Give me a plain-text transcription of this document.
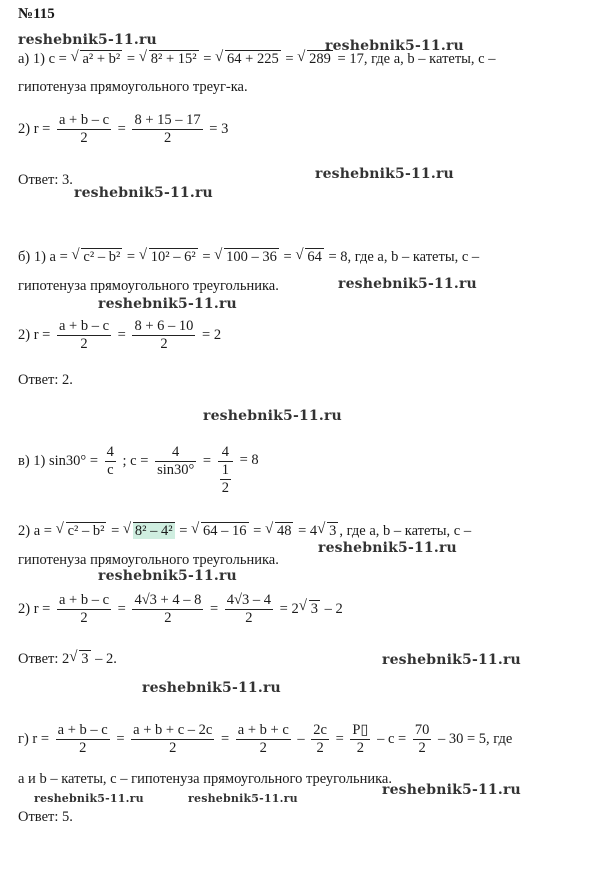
№115
reshebnik5-11.ru	reshebnik5-11.ru
reshebnik5-11.ru
reshebnik5-11.ru
reshebnik5-11.ru
reshebnik5-11.ru
reshebnik5-11.ru
reshebnik5-11.ru
reshebnik5-11.ru
reshebnik5-11.ru
reshebnik5-11.ru
reshebnik5-11.ru
reshebnik5-11.ru	reshebnik5-11.ru
а) 1) c = √ a² + b² = √ 8² + 15² = √ 64 + 225 = √ 289 = 17, где a, b – катеты, c –
гипотенуза прямоугольного треуг-ка.
2) $r = \frac{a + b - c}{2} = \frac{8 + 15 - 17}{2} = 3$
Ответ: 3.
б) 1) a = √ c² – b² = √ 10² – 6² = √ 100 – 36 = √ 64 = 8, где a, b – катеты, c –
гипотенуза прямоугольного треугольника.
2) $r = \frac{a + b - c}{2} = \frac{8 + 6 - 10}{2} = 2$
Ответ: 2.
в) 1) $\sin 30^\circ = \frac{4}{c}$ ; $c = \frac{4}{\sin 30^\circ} = \frac{4}{\frac{1}{2}} = 8$
2) a = √ c² – b² = √ 8² – 4² = √ 64 – 16 = √ 48 = 4√ 3 , где a, b – катеты, c –
гипотенуза прямоугольного треугольника.
2) $r = \frac{a + b - c}{2} = \frac{4√3 + 4 - 8}{2} = \frac{4√3 - 4}{2} = 2√$ 3 – 2
Ответ: 2√ 3 – 2.
г) $r = \frac{a + b - c}{2} = \frac{a + b + c - 2c}{2} = \frac{a + b + c}{2} - \frac{2c}{2} = \frac{P▯}{2} - c = \frac{70}{2} - 30 = 5$, где
a и b – катеты, c – гипотенуза прямоугольного треугольника.
Ответ: 5.
